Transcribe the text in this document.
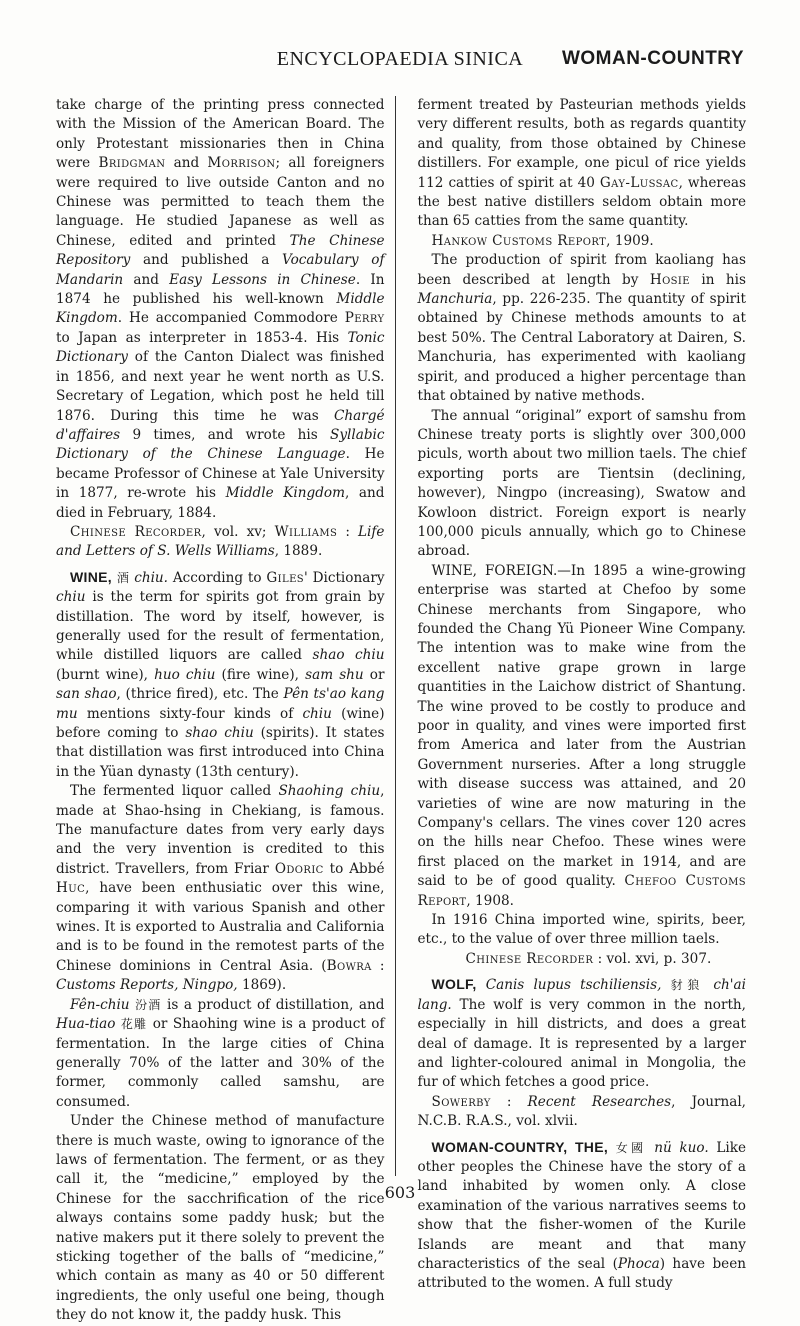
ENCYCLOPAEDIA SINICA	WOMAN-COUNTRY

take charge of the printing press connected with the Mission of the American Board. The only Protestant missionaries then in China were Bridgman and Morrison; all foreigners were required to live outside Canton and no Chinese was permitted to teach them the language. He studied Japanese as well as Chinese, edited and printed The Chinese Repository and published a Vocabulary of Mandarin and Easy Lessons in Chinese. In 1874 he published his well-known Middle Kingdom. He accompanied Commodore Perry to Japan as interpreter in 1853-4. His Tonic Dictionary of the Canton Dialect was finished in 1856, and next year he went north as U.S. Secretary of Legation, which post he held till 1876. During this time he was Chargé d'affaires 9 times, and wrote his Syllabic Dictionary of the Chinese Language. He became Professor of Chinese at Yale University in 1877, re-wrote his Middle Kingdom, and died in February, 1884.

Chinese Recorder, vol. xv; Williams : Life and Letters of S. Wells Williams, 1889.

WINE, 酒 chiu. According to Giles' Dictionary chiu is the term for spirits got from grain by distillation. The word by itself, however, is generally used for the result of fermentation, while distilled liquors are called shao chiu (burnt wine), huo chiu (fire wine), sam shu or san shao, (thrice fired), etc. The Pên ts'ao kang mu mentions sixty-four kinds of chiu (wine) before coming to shao chiu (spirits). It states that distillation was first introduced into China in the Yüan dynasty (13th century).

The fermented liquor called Shaohing chiu, made at Shao-hsing in Chekiang, is famous. The manufacture dates from very early days and the very invention is credited to this district. Travellers, from Friar Odoric to Abbé Huc, have been enthusiatic over this wine, comparing it with various Spanish and other wines. It is exported to Australia and California and is to be found in the remotest parts of the Chinese dominions in Central Asia. (Bowra : Customs Reports, Ningpo, 1869).

Fên-chiu 汾酒 is a product of distillation, and Hua-tiao 花雕 or Shaohing wine is a product of fermentation. In the large cities of China generally 70% of the latter and 30% of the former, commonly called samshu, are consumed.

Under the Chinese method of manufacture there is much waste, owing to ignorance of the laws of fermentation. The ferment, or as they call it, the “medicine,” employed by the Chinese for the sacchrification of the rice always contains some paddy husk; but the native makers put it there solely to prevent the sticking together of the balls of “medicine,” which contain as many as 40 or 50 different ingredients, the only useful one being, though they do not know it, the paddy husk. This

ferment treated by Pasteurian methods yields very different results, both as regards quantity and quality, from those obtained by Chinese distillers. For example, one picul of rice yields 112 catties of spirit at 40 Gay-Lussac, whereas the best native distillers seldom obtain more than 65 catties from the same quantity.

Hankow Customs Report, 1909.

The production of spirit from kaoliang has been described at length by Hosie in his Manchuria, pp. 226-235. The quantity of spirit obtained by Chinese methods amounts to at best 50%. The Central Laboratory at Dairen, S. Manchuria, has experimented with kaoliang spirit, and produced a higher percentage than that obtained by native methods.

The annual “original” export of samshu from Chinese treaty ports is slightly over 300,000 piculs, worth about two million taels. The chief exporting ports are Tientsin (declining, however), Ningpo (increasing), Swatow and Kowloon district. Foreign export is nearly 100,000 piculs annually, which go to Chinese abroad.

WINE, FOREIGN.—In 1895 a wine-growing enterprise was started at Chefoo by some Chinese merchants from Singapore, who founded the Chang Yü Pioneer Wine Company. The intention was to make wine from the excellent native grape grown in large quantities in the Laichow district of Shantung. The wine proved to be costly to produce and poor in quality, and vines were imported first from America and later from the Austrian Government nurseries. After a long struggle with disease success was attained, and 20 varieties of wine are now maturing in the Company's cellars. The vines cover 120 acres on the hills near Chefoo. These wines were first placed on the market in 1914, and are said to be of good quality. Chefoo Customs Report, 1908.

In 1916 China imported wine, spirits, beer, etc., to the value of over three million taels.

Chinese Recorder : vol. xvi, p. 307.

WOLF, Canis lupus tschiliensis, 豺狼 ch'ai lang. The wolf is very common in the north, especially in hill districts, and does a great deal of damage. It is represented by a larger and lighter-coloured animal in Mongolia, the fur of which fetches a good price.

Sowerby : Recent Researches, Journal, N.C.B. R.A.S., vol. xlvii.

WOMAN-COUNTRY, THE, 女國 nü kuo. Like other peoples the Chinese have the story of a land inhabited by women only. A close examination of the various narratives seems to show that the fisher-women of the Kurile Islands are meant and that many characteristics of the seal (Phoca) have been attributed to the women. A full study

603
